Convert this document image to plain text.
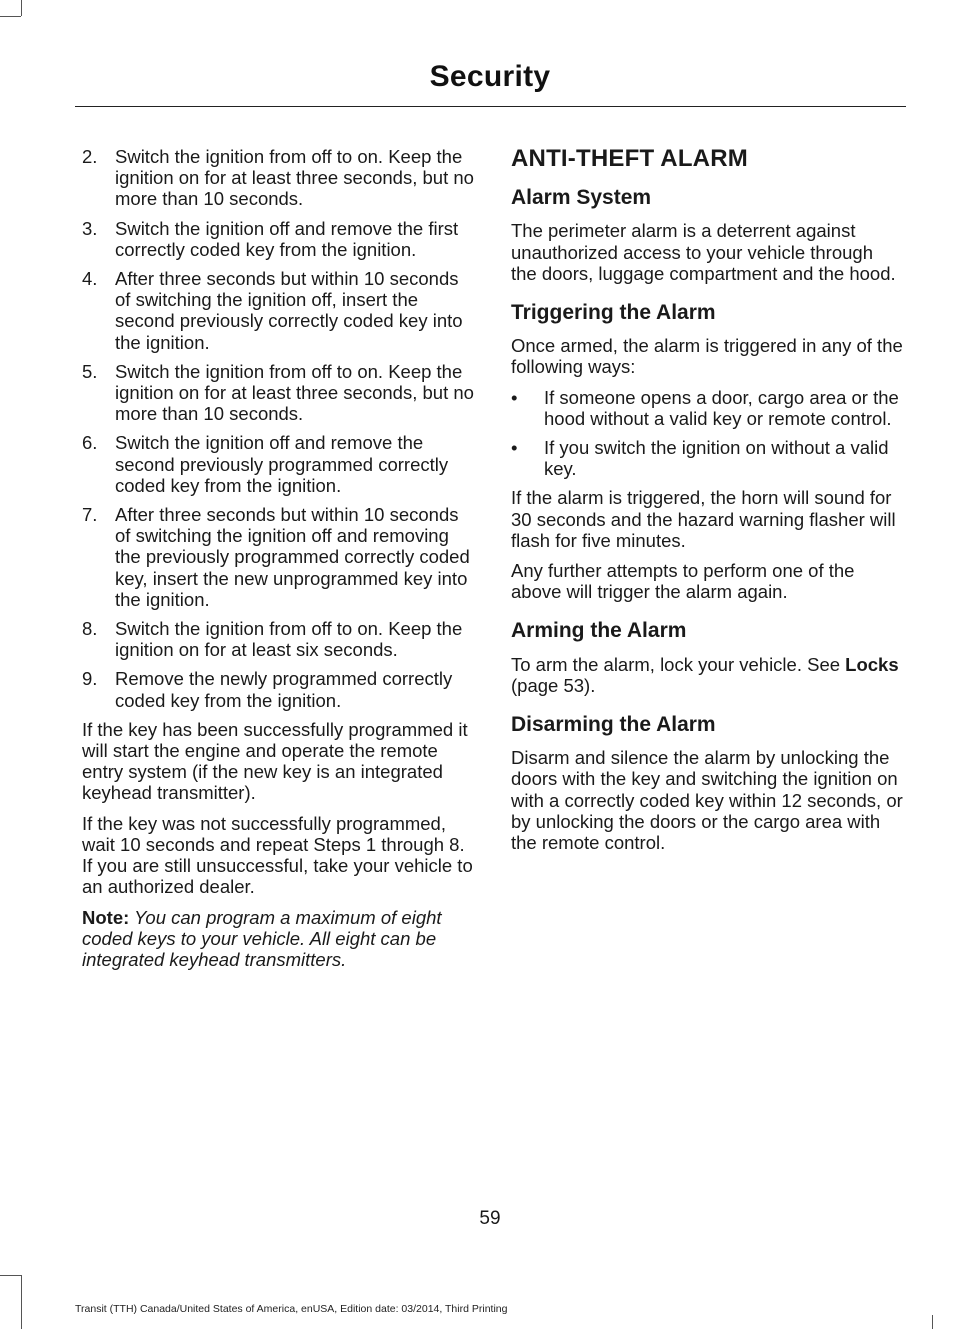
Security
2. Switch the ignition from off to on. Keep the ignition on for at least three seconds, but no more than 10 seconds.
3. Switch the ignition off and remove the first correctly coded key from the ignition.
4. After three seconds but within 10 seconds of switching the ignition off, insert the second previously correctly coded key into the ignition.
5. Switch the ignition from off to on. Keep the ignition on for at least three seconds, but no more than 10 seconds.
6. Switch the ignition off and remove the second previously programmed correctly coded key from the ignition.
7. After three seconds but within 10 seconds of switching the ignition off and removing the previously programmed correctly coded key, insert the new unprogrammed key into the ignition.
8. Switch the ignition from off to on. Keep the ignition on for at least six seconds.
9. Remove the newly programmed correctly coded key from the ignition.

If the key has been successfully programmed it will start the engine and operate the remote entry system (if the new key is an integrated keyhead transmitter).

If the key was not successfully programmed, wait 10 seconds and repeat Steps 1 through 8. If you are still unsuccessful, take your vehicle to an authorized dealer.

Note: You can program a maximum of eight coded keys to your vehicle. All eight can be integrated keyhead transmitters.

ANTI-THEFT ALARM
Alarm System

The perimeter alarm is a deterrent against unauthorized access to your vehicle through the doors, luggage compartment and the hood.

Triggering the Alarm

Once armed, the alarm is triggered in any of the following ways:

•	If someone opens a door, cargo area or the hood without a valid key or remote control.
•	If you switch the ignition on without a valid key.

If the alarm is triggered, the horn will sound for 30 seconds and the hazard warning flasher will flash for five minutes.

Any further attempts to perform one of the above will trigger the alarm again.

Arming the Alarm

To arm the alarm, lock your vehicle. See Locks (page 53).

Disarming the Alarm

Disarm and silence the alarm by unlocking the doors with the key and switching the ignition on with a correctly coded key within 12 seconds, or by unlocking the doors or the cargo area with the remote control.

59
Transit (TTH) Canada/United States of America, enUSA, Edition date: 03/2014, Third Printing
